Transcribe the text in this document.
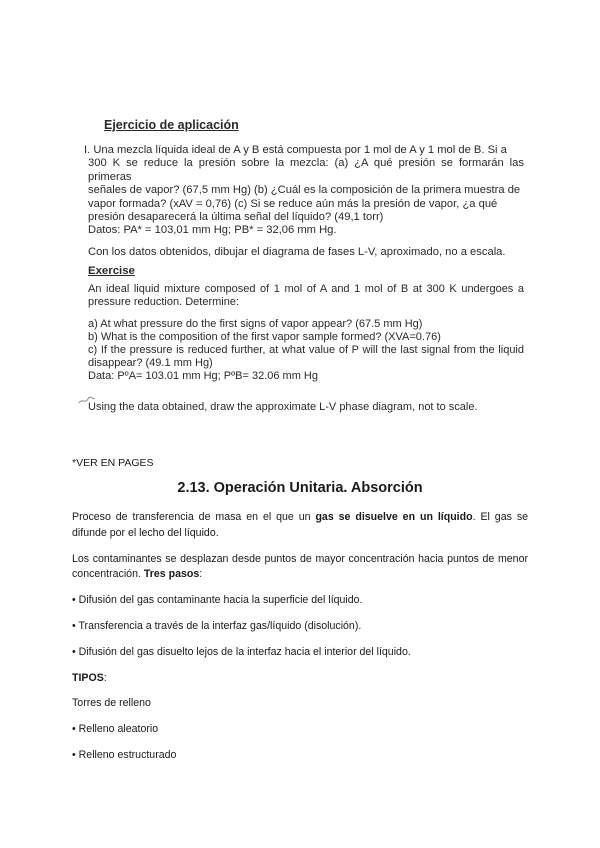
Ejercicio de aplicación

I. Una mezcla líquida ideal de A y B está compuesta por 1 mol de A y 1 mol de B. Si a

300 K se reduce la presión sobre la mezcla: (a) ¿A qué presión se formarán las primeras

señales de vapor? (67,5 mm Hg) (b) ¿Cuál es la composición de la primera muestra de

vapor formada? (xAV = 0,76) (c) Si se reduce aún más la presión de vapor, ¿a qué

presión desaparecerá la última señal del líquido? (49,1 torr)

Datos: PA* = 103,01 mm Hg; PB* = 32,06 mm Hg.

Con los datos obtenidos, dibujar el diagrama de fases L-V, aproximado, no a escala.

Exercise

An ideal liquid mixture composed of 1 mol of A and 1 mol of B at 300 K undergoes a pressure reduction. Determine:

a) At what pressure do the first signs of vapor appear? (67.5 mm Hg)

b) What is the composition of the first vapor sample formed? (XVA=0.76)

c) If the pressure is reduced further, at what value of P will the last signal from the liquid disappear? (49.1 mm Hg)

Data: PºA= 103.01 mm Hg; PºB= 32.06 mm Hg

Using the data obtained, draw the approximate L-V phase diagram, not to scale.

*VER EN PAGES
2.13. Operación Unitaria. Absorción

Proceso de transferencia de masa en el que un gas se disuelve en un líquido. El gas se difunde por el lecho del líquido.

Los contaminantes se desplazan desde puntos de mayor concentración hacia puntos de menor concentración. Tres pasos:

• Difusión del gas contaminante hacia la superficie del líquido.

• Transferencia a través de la interfaz gas/líquido (disolución).

• Difusión del gas disuelto lejos de la interfaz hacia el interior del líquido.

TIPOS:

Torres de relleno

• Relleno aleatorio

• Relleno estructurado
